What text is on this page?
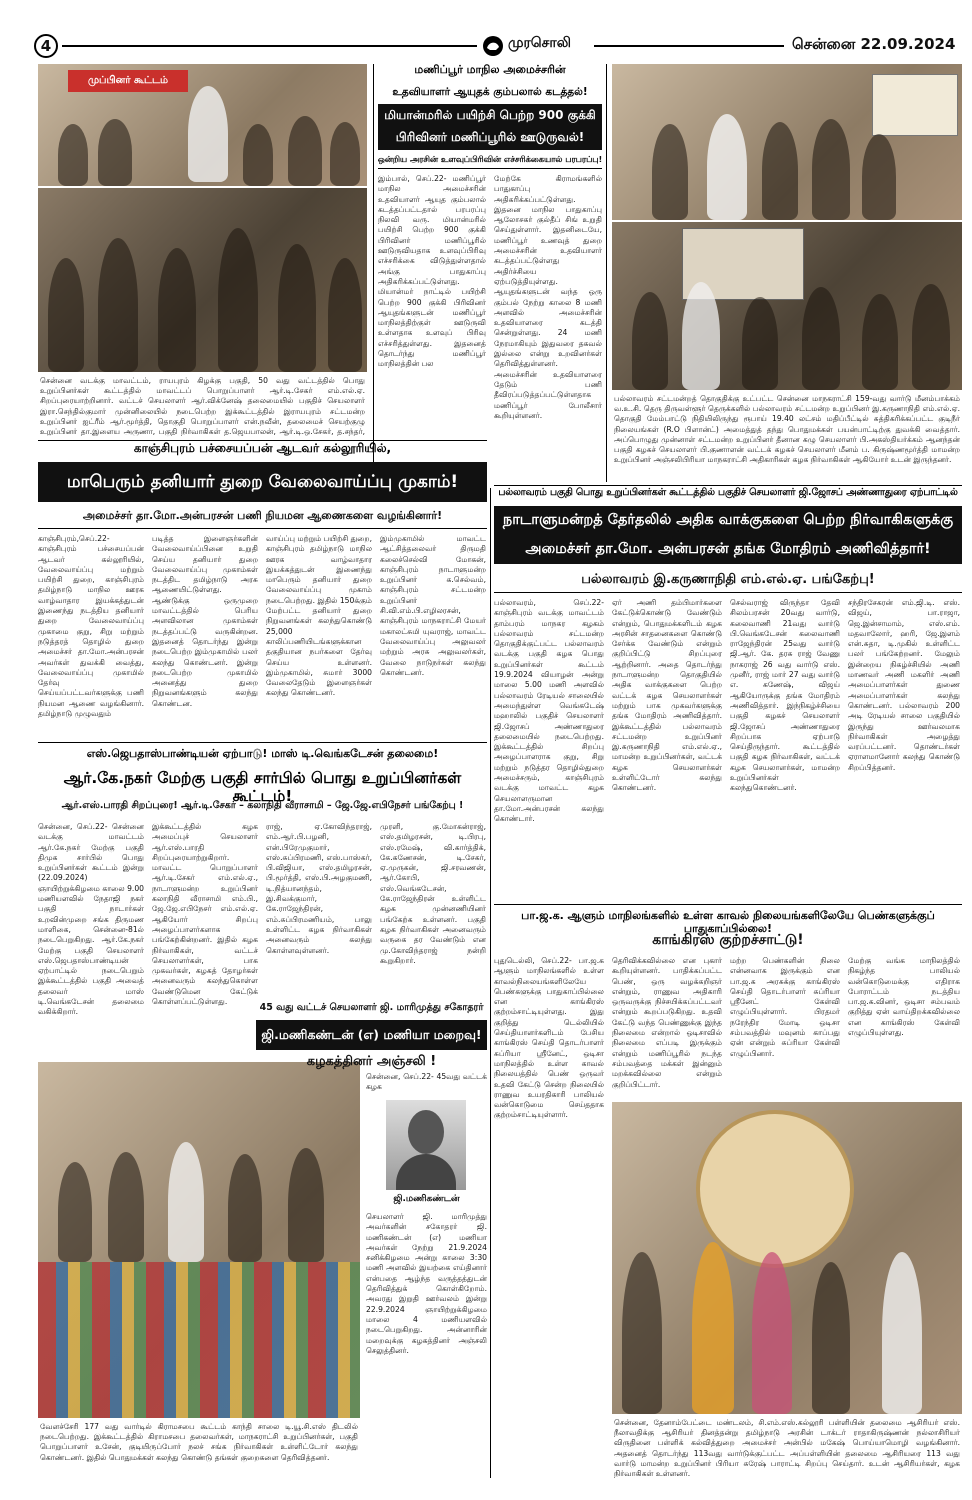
4	முரசொலி	சென்னை 22.09.2024
முப்பினர் கூட்டம்
சென்னை வடக்கு மாவட்டம், ராயபுரம் கிழக்கு பகுதி, 50 வது வட்டத்தில் பொது உறுப்பினர்கள் கூட்டத்தில் மாவட்டப் பொறுப்பாளர் ஆர்.டி.சேகர் எம்.எல்.ஏ. சிறப்புரையாற்றினார். வட்டச் செயலாளர் ஆர்.விக்னேஷ் தலைமையில் பகுதிச் செயலாளர் இரா.செந்தில்குமார் முன்னிலையில் நடைபெற்ற இக்கூட்டத்தில் இராயபுரம் சட்டமன்ற உறுப்பினர் ஐட்ரீம் ஆர்.மூர்த்தி, தொகுதி பொறுப்பாளர் என்.நவீன், தலைமைச் செயற்குழு உறுப்பினர் தா.இளைய அருணா, பகுதி நிர்வாகிகள் த.ஜெயபாலன், ஆர்.டி.ஒ.சேகர், த.சந்தர்,
மணிப்பூர் மாநில அமைச்சரின்
உதவியாளர் ஆயுதக் கும்பலால் கடத்தல்!
மியான்மரில் பயிற்சி பெற்ற 900 குக்கி
பிரிவினர் மணிப்பூரில் ஊடுருவல்!
ஒன்றிய அரசின் உளவுப்பிரிவின் எச்சரிக்கையால் பரபரப்பு!
இம்பால், செப்.22- மணிப்பூர் மாநில அமைச்சரின் உதவியாளர் ஆயுத கும்பலால் கடத்தப்பட்டதால் பரபரப்பு நிலவி வரு. மியான்மரில் பயிற்சி பெற்ற 900 குக்கி பிரிவினர் மணிப்பூரில் ஊடுருவியதாக உளவுப்பிரிவு எச்சரிக்கை விடுத்துள்ளதால் அங்கு பாதுகாப்பு அதிகரிக்கப்பட்டுள்ளது. மியான்மர் நாட்டில் பயிற்சி பெற்ற 900 குக்கி பிரிவினர் ஆயுதங்களுடன் மணிப்பூர் மாநிலத்திற்குள் ஊடுருவி உள்ளதாக உளவுப் பிரிவு எச்சரித்துள்ளது. இதனைத் தொடர்ந்து மணிப்பூர் மாநிலத்தின் பல
மேற்கே கிராமங்களில் பாதுகாப்பு அதிகரிக்கப்பட்டுள்ளது. இதனை மாநில பாதுகாப்பு ஆலோசகர் குல்தீப் சிங் உறுதி செய்துள்ளார். இதனிடையே, மணிப்பூர் உணவுத் துறை அமைச்சரின் உதவியாளர் கடத்தப்பட்டுள்ளது அதிர்ச்சியை ஏற்படுத்தியுள்ளது. ஆயுதங்களுடன் வந்த ஒரு கும்பல் நேற்று காலை 8 மணி அளவில் அமைச்சரின் உதவியாளரை கடத்தி சென்றுள்ளது. 24 மணி நேரமாகியும் இதுவரை தகவல் இல்லை என்று உறவினர்கள் தெரிவித்துள்ளனர். அமைச்சரின் உதவியாளரை தேடும் பணி தீவிரப்படுத்தப்பட்டுள்ளதாக மணிப்பூர் போலீசார் கூறியுள்ளனர்.
பல்லாவரம் சட்டமன்றத் தொகுதிக்கு உட்பட்ட சென்னை மாநகராட்சி 159-வது வார்டு மீனம்பாக்கம் வ.உ.சி. தெரு திருவள்ளூர் தெருக்களில் பல்லாவரம் சட்டமன்ற உறுப்பினர் இ.கருணாநிதி எம்.எல்.ஏ. தொகுதி மேம்பாட்டு நிதியிலிருந்து ரூபாய் 19.40 லட்சம் மதிப்பீட்டில் சுத்திகரிக்கப்பட்ட குடிநீர் நிலையங்கள் (R.O பிளான்ட்) அமைத்துத் தந்து பொதுமக்கள் பயன்பாட்டிற்கு துவக்கி வைத்தார். அப்பொழுது முன்னாள் சட்டமன்ற உறுப்பினர் தீனான கழு செயலாளர் பி.அகஸ்தியர்க்கம் ஆனந்தன் பகுதி கழகச் செயலாளர் பி.குணாளன் வட்டக் கழகச் செயலாளர் மீனம் ப. கிருஷ்ணமூர்த்தி மாமன்ற உறுப்பினர் அஞ்சலிபிரியா மாநகராட்சி அதிகாரிகள் கழக நிர்வாகிகள் ஆகியோர் உடன் இருந்தனர்.
காஞ்சிபுரம் பச்சையப்பன் ஆடவர் கல்லூரியில்,
மாபெரும் தனியார் துறை வேலைவாய்ப்பு முகாம்!
அமைச்சர் தா.மோ.அன்பரசன் பணி நியமன ஆணைகளை வழங்கினார்!
காஞ்சிபுரம்,செப்.22- காஞ்சிபுரம் பச்சையப்பன் ஆடவர் கல்லூரியில், வேலைவாய்ப்பு மற்றும் பயிற்சி துறை, காஞ்சிபுரம் தமிழ்நாடு மாநில ஊரக வாழ்வாதார இயக்கத்துடன் இணைந்து நடத்திய தனியார் துறை வேலைவாய்ப்பு முகாமை குறு, சிறு மற்றும் நடுத்தரத் தொழில் துறை அமைச்சர் தா.மோ.அன்பரசன் அவர்கள் துவக்கி வைத்து, வேலைவாய்ப்பு முகாமில் தேர்வு செய்யப்பட்டவர்களுக்கு பணி நியமன ஆணை வழங்கினார். தமிழ்நாடு முழுவதும்
படித்த இளைஞர்களின் வேலைவாய்ப்பினை உறுதி செய்ய தனியார் துறை வேலைவாய்ப்பு முகாம்கள் நடத்திட தமிழ்நாடு அரசு ஆணையிட்டுள்ளது. ஆண்டுக்கு ஒருமுறை மாவட்டத்தில் பெரிய அளவிலான முகாம்கள் நடத்தப்பட்டு வருகின்றன. இதனைத் தொடர்ந்து இன்று நடைபெற்ற இம்முகாமில் பலர் கலந்து கொண்டனர். இன்று நடைபெற்ற முகாமில் அனைத்து துறை நிறுவனங்களும் கலந்து கொண்டன.
வாய்ப்பு மற்றும் பயிற்சி துறை, காஞ்சிபுரம் தமிழ்நாடு மாநில ஊரக வாழ்வாதார இயக்கத்துடன் இணைந்து மாபெரும் தனியார் துறை வேலைவாய்ப்பு முகாம் நடைபெற்றது. இதில் 150க்கும் மேற்பட்ட தனியார் துறை நிறுவனங்கள் கலந்துகொண்டு 25,000 காலிப்பணியிடங்களுக்கான தகுதியான நபர்களை தேர்வு செய்ய உள்ளனர். இம்முகாமில், சுமார் 3000 வேலைதேடும் இளைஞர்கள் கலந்து கொண்டனர்.
இம்முகாமில் மாவட்ட ஆட்சித்தலைவர் திருமதி கலைச்செல்வி மோகன், காஞ்சிபுரம் நாடாளுமன்ற உறுப்பினர் க.செல்வம், காஞ்சிபுரம் சட்டமன்ற உறுப்பினர் சி.வி.எம்.பி.எழிலரசன், காஞ்சிபுரம் மாநகராட்சி மேயர் மகாலட்சுமி யுவராஜ், மாவட்ட வேலைவாய்ப்பு அலுவலர் மற்றும் அரசு அலுவலர்கள், வேலை நாடுநர்கள் கலந்து கொண்டனர்.
எஸ்.ஜெபதாஸ்பாண்டியன் ஏற்பாடு! மாஸ் டி.வெங்கடேசன் தலைமை!
ஆர்.கே.நகர் மேற்கு பகுதி சார்பில் பொது உறுப்பினர்கள் கூட்டம்!
ஆர்.எஸ்.பாரதி சிறப்புரை! ஆர்.டி.சேகர் – கலாநிதி வீராசாமி – ஜே.ஜே.எபிநேசர் பங்கேற்பு !
சென்னை, செப்.22- சென்னை வடக்கு மாவட்டம் ஆர்.கே.நகர் மேற்கு பகுதி திமுக சார்பில் பொது உறுப்பினர்கள் கூட்டம் இன்று (22.09.2024) ஞாயிற்றுக்கிழமை காலை 9.00 மணியளவில் நேதாஜி நகர் பகுதி நாடார்கள் உறவின்முறை சங்க திருமண மாளிகை, சென்னை-81ல் நடைபெறுகிறது. ஆர்.கே.நகர் மேற்கு பகுதி செயலாளர் எஸ்.ஜெபதாஸ்பாண்டியன் ஏற்பாட்டில் நடைபெறும் இக்கூட்டத்தில் பகுதி அவைத் தலைவர் மாஸ் டி.வெங்கடேசன் தலைமை வகிக்கிறார்.
இக்கூட்டத்தில் கழக அமைப்புச் செயலாளர் ஆர்.எஸ்.பாரதி சிறப்புரையாற்றுகிறார். மாவட்ட பொறுப்பாளர் ஆர்.டி.சேகர் எம்.எல்.ஏ., நாடாளுமன்ற உறுப்பினர் கலாநிதி வீராசாமி எம்.பி., ஜே.ஜே.எபிநேசர் எம்.எல்.ஏ. ஆகியோர் சிறப்பு அழைப்பாளர்களாக பங்கேற்கின்றனர். இதில் கழக நிர்வாகிகள், வட்டச் செயலாளர்கள், பாக முகவர்கள், கழகத் தோழர்கள் அனைவரும் கலந்துகொள்ள வேண்டுமென கேட்டுக் கொள்ளப்பட்டுள்ளது.
ராஜ், ஏ.கோவிந்தராஜ், எம்.ஆர்.பி.பழனி, என்.பிரேமுகுமார், எஸ்.சுப்பிரமணி, எஸ்.பாஸ்கர், பி.விஜியா, எஸ்.தமிழரசன், பி.மூர்த்தி, எஸ்.பி.அழகுமணி, டி.நித்யானந்தம், இ.சிவக்குமார், கே.ராஜேந்திரன், எம்.சுப்பிரமணியம், பாலு உள்ளிட்ட கழக நிர்வாகிகள் அனைவரும் கலந்து கொள்ளவுள்ளனர்.
முரளி, கு.மோகன்ராஜ், எஸ்.தமிழரசன், டி.பிரபு, எஸ்.ரமேஷ், வி.கார்த்திக், கே.கணேசன், டி.சேகர், ஏ.முருகன், ஜி.சரவணன், ஆர்.கோபி, எஸ்.வெங்கடேசன், கே.ராஜேந்திரன் உள்ளிட்ட கழக முன்னணியினர் பங்கேற்க உள்ளனர். பகுதி கழக நிர்வாகிகள் அனைவரும் வருகை தர வேண்டும் என மு.கோவிந்தராஜ் நன்றி கூறுகிறார்.
வேளச்சேரி 177 வது வார்டில் கிராமசபை கூட்டம் காந்தி சாலை டி.யூ.சி.எஸ் திடலில் நடைபெற்றது. இக்கூட்டத்தில் கிராமசபை தலைவர்கள், மாநகராட்சி உறுப்பினர்கள், பகுதி பொறுப்பாளர் உசேன், குடியிருப்போர் நலச் சங்க நிர்வாகிகள் உள்ளிட்டோர் கலந்து கொண்டனர். இதில் பொதுமக்கள் கலந்து கொண்டு தங்கள் குறைகளை தெரிவித்தனர்.
45 வது வட்டச் செயலாளர் ஜி. மாரிமுத்து சகோதரர்
ஜி.மணிகண்டன் (எ) மணியா மறைவு!
கழகத்தினர் அஞ்சலி !
சென்னை, செப்.22- 45வது வட்டக் கழக
ஜி.மணிகண்டன்
செயலாளர் ஜி. மாரிமுத்து அவர்களின் சகோதரர் ஜி. மணிகண்டன் (எ) மணியா அவர்கள் நேற்று 21.9.2024 சனிக்கிழமை அன்று காலை 3:30 மணி அளவில் இயற்கை எய்தினார் என்பதை ஆழ்ந்த வருத்தத்துடன் தெரிவித்துக் கொள்கிறோம். அவரது இறுதி ஊர்வலம் இன்று 22.9.2024 ஞாயிற்றுக்கிழமை மாலை 4 மணியளவில் நடைபெறுகிறது. அன்னாரின் மறைவுக்கு கழகத்தினர் அஞ்சலி செலுத்தினர்.
பல்லாவரம் பகுதி பொது உறுப்பினர்கள் கூட்டத்தில் பகுதிச் செயலாளர் ஜி.ஜோசப் அண்ணாதுரை ஏற்பாட்டில்
நாடாளுமன்றத் தேர்தலில் அதிக வாக்குகளை பெற்ற நிர்வாகிகளுக்கு
அமைச்சர் தா.மோ. அன்பரசன் தங்க மோதிரம் அணிவித்தார்!
பல்லாவரம் இ.கருணாநிதி எம்.எல்.ஏ. பங்கேற்பு!
பல்லாவரம், செப்.22- காஞ்சிபுரம் வடக்கு மாவட்டம் தாம்பரம் மாநகர கழகம் பல்லாவரம் சட்டமன்ற தொகுதிக்குட்பட்ட பல்லாவரம் வடக்கு பகுதி கழக பொது உறுப்பினர்கள் கூட்டம் 19.9.2024 வியாழன் அன்று மாலை 5.00 மணி அளவில் பல்லாவரம் ரேடியல் சாலையில் அமைந்துள்ள வெங்கடேஷ் மஹாலில் பகுதிச் செயலாளர் ஜி.ஜோசப் அண்ணாதுரை தலைமையில் நடைபெற்றது. இக்கூட்டத்தில் சிறப்பு அழைப்பாளராக குறு, சிறு மற்றும் நடுத்தர தொழில்துறை அமைச்சரும், காஞ்சிபுரம் வடக்கு மாவட்ட கழக செயலாளருமான தா.மோ.அன்பரசன் கலந்து கொண்டார்.
ஏர் அணி தம்பிமார்களை கேட்டுக்கொண்டு வேண்டும் என்றும், பொதுமக்களிடம் கழக அரசின் சாதனைகளை கொண்டு சேர்க்க வேண்டும் என்றும் குறிப்பிட்டு சிறப்புரை ஆற்றினார். அதை தொடர்ந்து நாடாளுமன்ற தொகுதியில் அதிக வாக்குகளை பெற்ற வட்டக் கழக செயலாளர்கள் மற்றும் பாக முகவர்களுக்கு தங்க மோதிரம் அணிவித்தார். இக்கூட்டத்தில் பல்லாவரம் சட்டமன்ற உறுப்பினர் இ.கருணாநிதி எம்.எல்.ஏ., மாமன்ற உறுப்பினர்கள், வட்டக் கழக செயலாளர்கள் உள்ளிட்டோர் கலந்து கொண்டனர்.
செல்வராஜ் விருந்தா தேவி சிலம்பரசன் 20வது வார்டு, கலைவாணி 21வது வார்டு பி.வெங்கடேசன் கலைவாணி ராஜேந்திரன் 25வது வார்டு ஜி.ஆர். கே. தரசு ராஜ் வேணு நாகராஜ் 26 வது வார்டு எஸ். முனீர், ராஜ் மார் 27 வது வார்டு எ. கணேஷ், விஜய் ஆகியோருக்கு தங்க மோதிரம் அணிவித்தார். இந்நிகழ்ச்சியை பகுதி கழகச் செயலாளர் ஜி.ஜோசப் அண்ணாதுரை சிறப்பாக ஏற்பாடு செய்திருந்தார். கூட்டத்தில் பகுதி கழக நிர்வாகிகள், வட்டக் கழக செயலாளர்கள், மாமன்ற உறுப்பினர்கள் கலந்துகொண்டனர்.
சந்திரசேகரன் எம்.ஜி.டி. எஸ். விஜய், பா.ராஜா, ஜெ.இன்சாமாம், எஸ்.எம். மதவாலோர், ஹரி, ஜே.இளம் என்.சுதா, டி.முகில் உள்ளிட்ட பலர் பங்கேற்றனர். மேலும் இன்றைய நிகழ்ச்சியில் அணி மாணவர் அணி மகளிர் அணி அமைப்பாளர்கள் துணை அமைப்பாளர்கள் கலந்து கொண்டனர். பல்லாவரம் 200 அடி ரேடியல் சாலை பகுதியில் இருந்து ஊர்வலமாக நிர்வாகிகள் அழைத்து வரப்பட்டனர். தொண்டர்கள் ஏராளமானோர் கலந்து கொண்டு சிறப்பித்தனர்.
பா.ஜ.க. ஆளும் மாநிலங்களில் உள்ள காவல் நிலையங்களிலேயே பெண்களுக்குப் பாதுகாப்பில்லை!
காங்கிரஸ் குற்றச்சாட்டு!
புதுடெல்லி, செப்.22- பா.ஜ.க ஆளும் மாநிலங்களில் உள்ள காவல்நிலையங்களிலேயே பெண்களுக்கு பாதுகாப்பில்லை என காங்கிரஸ் குற்றம்சாட்டியுள்ளது. இது குறித்து டெல்லியில் செய்தியாளர்களிடம் பேசிய காங்கிரஸ் செய்தி தொடர்பாளர் சுப்ரியா ஸ்ரீனேட், ஒடிசா மாநிலத்தில் உள்ள காவல் நிலையத்தில் பெண் ஒருவர் உதவி கேட்டு சென்ற நிலையில் ராணுவ உயரதிகாரி பாலியல் வன்கொடுமை செய்ததாக குற்றம்சாட்டியுள்ளார்.
தெரிவிக்கவில்லை என புகார் கூறியுள்ளனர். பாதிக்கப்பட்ட பெண், ஒரு வழக்கறிஞர் என்றும், ராணுவ அதிகாரி ஒருவருக்கு நிச்சயிக்கப்பட்டவர் என்றும் கூறப்படுகிறது. உதவி கேட்டு வந்த பெண்ணுக்கு இந்த நிலைமை என்றால் ஒடிசாவில் நிலைமை எப்படி இருக்கும் என்றும் மணிப்பூரில் நடந்த சம்பவத்தை மக்கள் இன்னும் மறக்கவில்லை என்றும் குறிப்பிட்டார்.
மற்ற பெண்களின் நிலை என்னவாக இருக்கும் என பா.ஜ.க அரசுக்கு காங்கிரஸ் செய்தி தொடர்பாளர் சுப்ரியா ஸ்ரீனேட் கேள்வி எழுப்பியுள்ளார். பிரதமர் நரேந்திர மோடி ஒடிசா சம்பவத்தில் மவுனம் காப்பது ஏன் என்றும் சுப்ரியா கேள்வி எழுப்பினார்.
மேற்கு வங்க மாநிலத்தில் நிகழ்ந்த பாலியல் வன்கொடுமைக்கு எதிராக போராட்டம் நடத்திய பா.ஜ.க.வினர், ஒடிசா சம்பவம் குறித்து ஏன் வாய்திறக்கவில்லை என காங்கிரஸ் கேள்வி எழுப்பியுள்ளது.
சென்னை, தேனாம்பேட்டை மண்டலம், சி.எம்.எஸ்.கல்லூரி பள்ளியின் தலைமை ஆசிரியர் எஸ். நீலாவதிக்கு ஆசிரியர் தினத்தன்று தமிழ்நாடு அரசின் டாக்டர் ராதாகிருஷ்ணன் நல்லாசிரியர் விருதினை பள்ளிக் கல்வித்துறை அமைச்சர் அன்பில் மகேஷ் பொய்யாமொழி வழங்கினார். அதனைத் தொடர்ந்து 113வது வார்டுக்குட்பட்ட அப்பள்ளியின் தலைமை ஆசிரியரை 113 வது வார்டு மாமன்ற உறுப்பினர் பிரியா சுரேஷ் பாராட்டி சிறப்பு செய்தார். உடன் ஆசிரியர்கள், கழக நிர்வாகிகள் உள்ளனர்.
